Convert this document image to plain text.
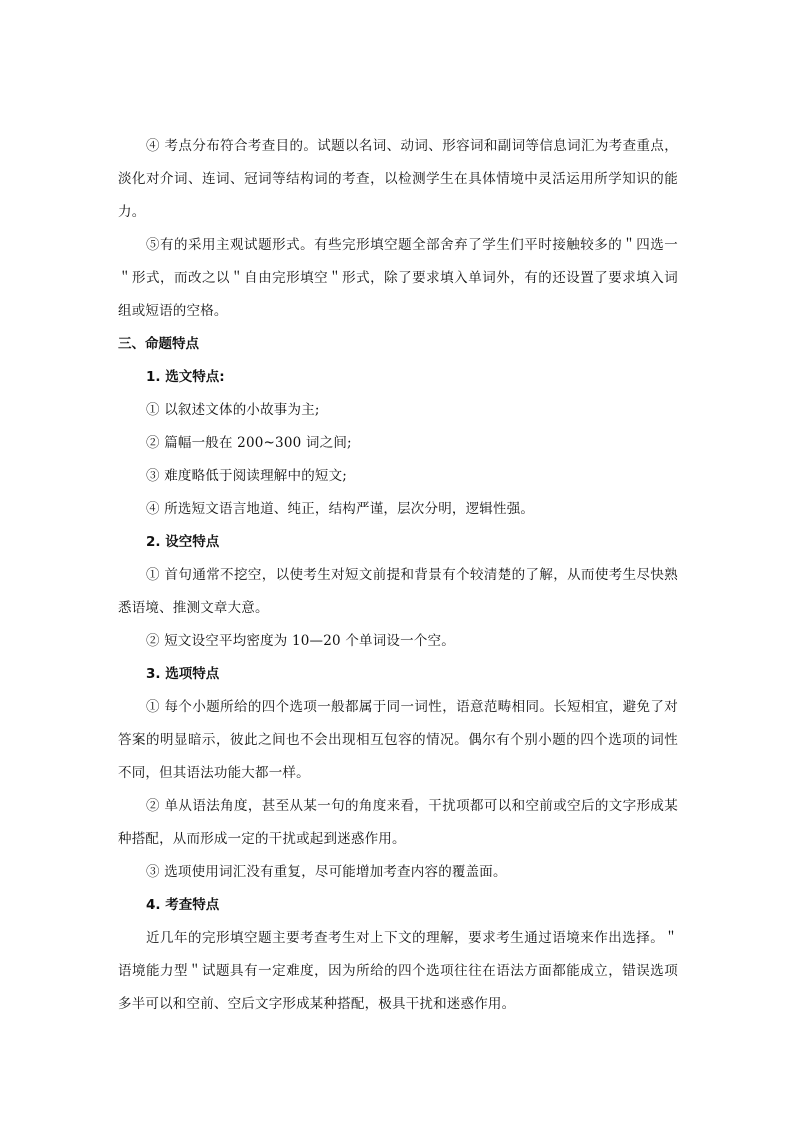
④ 考点分布符合考查目的。试题以名词、动词、形容词和副词等信息词汇为考查重点，淡化对介词、连词、冠词等结构词的考查，以检测学生在具体情境中灵活运用所学知识的能力。

⑤有的采用主观试题形式。有些完形填空题全部舍弃了学生们平时接触较多的＂四选一＂形式，而改之以＂自由完形填空＂形式，除了要求填入单词外，有的还设置了要求填入词组或短语的空格。

三、命题特点

1. 选文特点:

① 以叙述文体的小故事为主;

② 篇幅一般在 200~300 词之间;

③ 难度略低于阅读理解中的短文;

④ 所选短文语言地道、纯正，结构严谨，层次分明，逻辑性强。

2. 设空特点

① 首句通常不挖空，以使考生对短文前提和背景有个较清楚的了解，从而使考生尽快熟悉语境、推测文章大意。

② 短文设空平均密度为 10—20 个单词设一个空。

3. 选项特点

① 每个小题所给的四个选项一般都属于同一词性，语意范畴相同。长短相宜，避免了对答案的明显暗示，彼此之间也不会出现相互包容的情况。偶尔有个别小题的四个选项的词性不同，但其语法功能大都一样。

② 单从语法角度，甚至从某一句的角度来看，干扰项都可以和空前或空后的文字形成某种搭配，从而形成一定的干扰或起到迷惑作用。

③ 选项使用词汇没有重复，尽可能增加考查内容的覆盖面。

4. 考查特点

近几年的完形填空题主要考查考生对上下文的理解，要求考生通过语境来作出选择。＂语境能力型＂试题具有一定难度，因为所给的四个选项往往在语法方面都能成立，错误选项多半可以和空前、空后文字形成某种搭配，极具干扰和迷惑作用。
